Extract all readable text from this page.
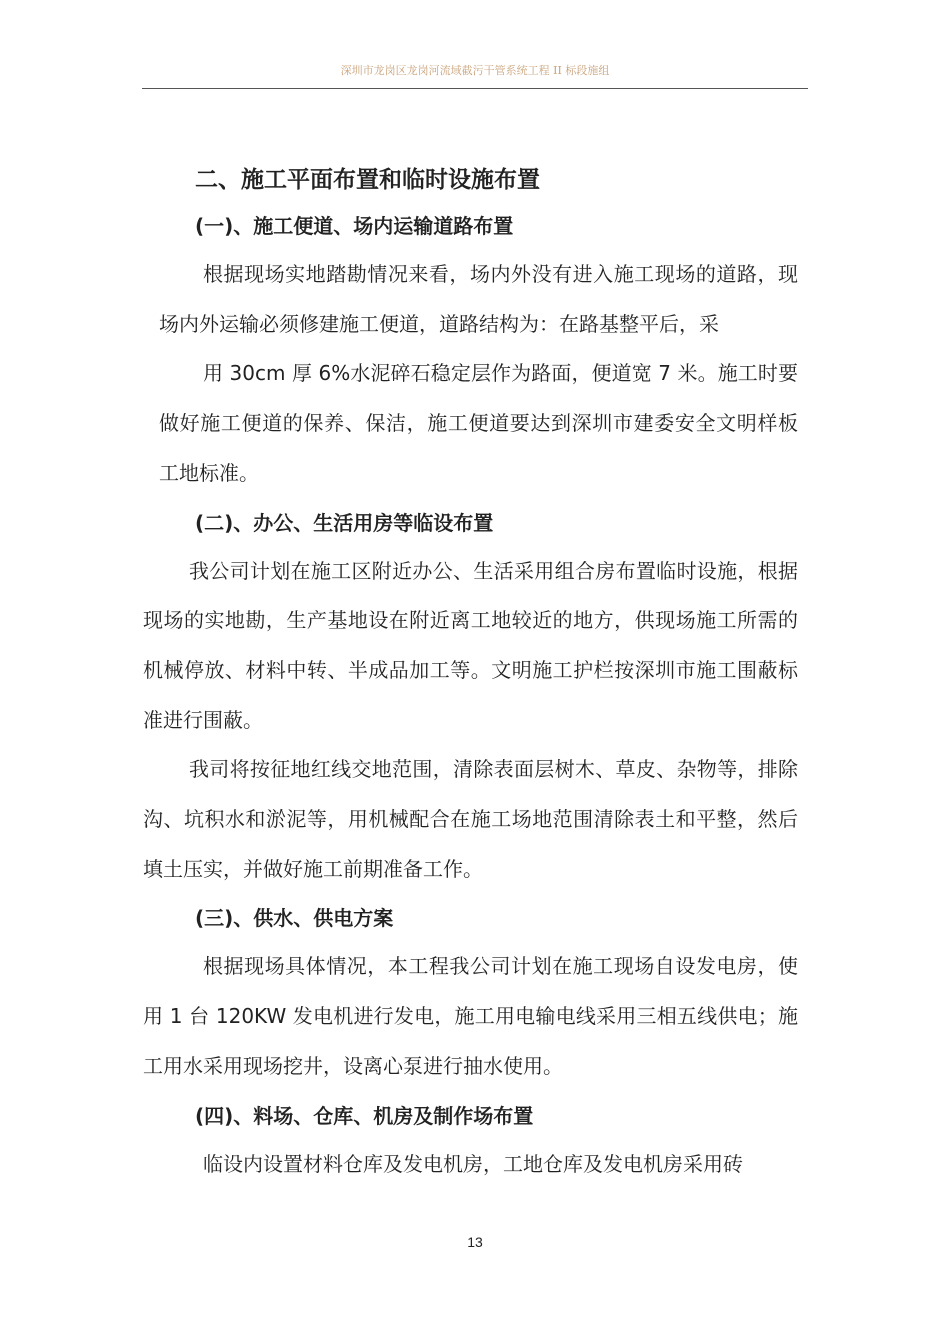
深圳市龙岗区龙岗河流域截污干管系统工程 II 标段施组
二、施工平面布置和临时设施布置
(一)、施工便道、场内运输道路布置

根据现场实地踏勘情况来看，场内外没有进入施工现场的道路，现场内外运输必须修建施工便道，道路结构为：在路基整平后，采

用 30cm 厚 6%水泥碎石稳定层作为路面，便道宽 7 米。施工时要做好施工便道的保养、保洁，施工便道要达到深圳市建委安全文明样板工地标准。

(二)、办公、生活用房等临设布置

我公司计划在施工区附近办公、生活采用组合房布置临时设施，根据现场的实地勘，生产基地设在附近离工地较近的地方，供现场施工所需的机械停放、材料中转、半成品加工等。文明施工护栏按深圳市施工围蔽标准进行围蔽。

我司将按征地红线交地范围，清除表面层树木、草皮、杂物等，排除沟、坑积水和淤泥等，用机械配合在施工场地范围清除表土和平整，然后填土压实，并做好施工前期准备工作。

(三)、供水、供电方案

根据现场具体情况，本工程我公司计划在施工现场自设发电房，使用 1 台 120KW 发电机进行发电，施工用电输电线采用三相五线供电；施工用水采用现场挖井，设离心泵进行抽水使用。

(四)、料场、仓库、机房及制作场布置

临设内设置材料仓库及发电机房，工地仓库及发电机房采用砖

13
